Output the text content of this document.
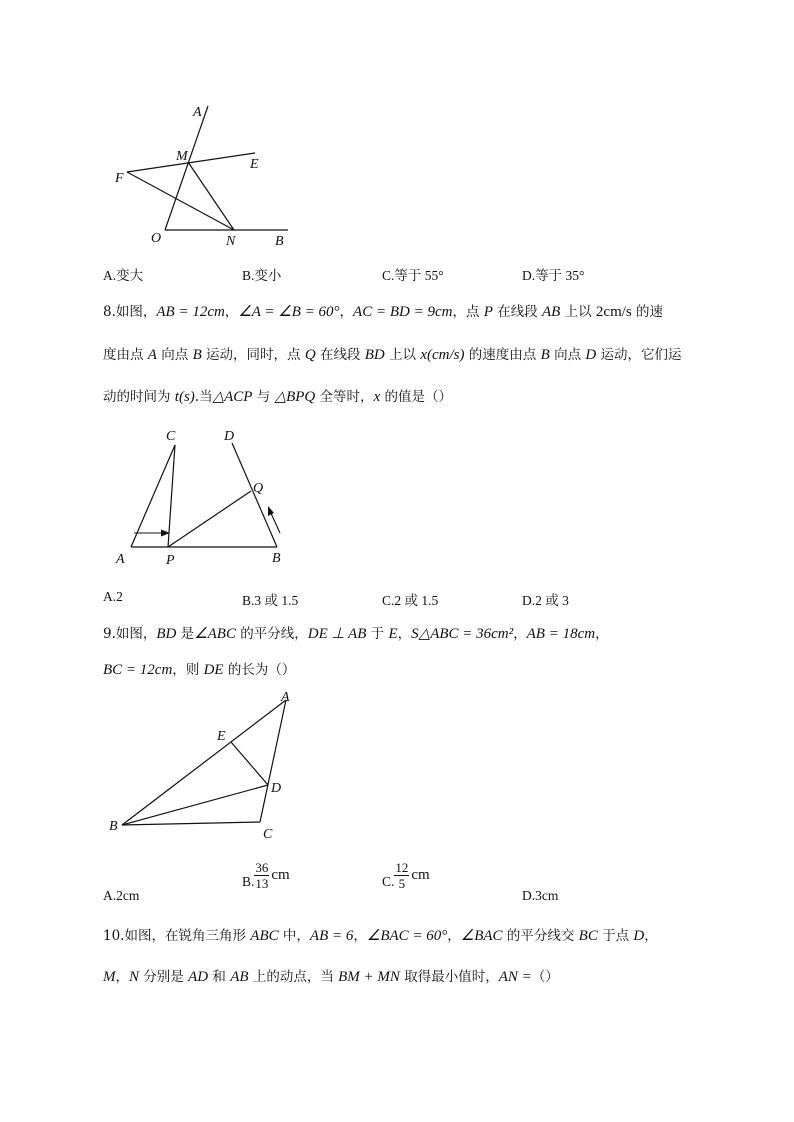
A
M
E
F
O	N	B
A.变大	B.变小	C.等于 55°	D.等于 35°
8.如图，AB = 12cm，∠A = ∠B = 60°，AC = BD = 9cm，点 P 在线段 AB 上以 2cm/s 的速
度由点 A 向点 B 运动，同时，点 Q 在线段 BD 上以 x(cm/s) 的速度由点 B 向点 D 运动，它们运
动的时间为 t(s).当△ACP 与 △BPQ 全等时，x 的值是（）
C	D
Q
A	P	B
A.2	B.3 或 1.5	C.2 或 1.5	D.2 或 3
9.如图，BD 是∠ABC 的平分线，DE ⊥ AB 于 E，S△ABC = 36cm²，AB = 18cm，
BC = 12cm，则 DE 的长为（）
A
E
D
B
C
A.2cm
B. $\frac{36}{13}$ cm	C. $\frac{12}{5}$ cm
D.3cm
10.如图，在锐角三角形 ABC 中，AB = 6，∠BAC = 60°，∠BAC 的平分线交 BC 于点 D，
M，N 分别是 AD 和 AB 上的动点，当 BM + MN 取得最小值时，AN =（）
